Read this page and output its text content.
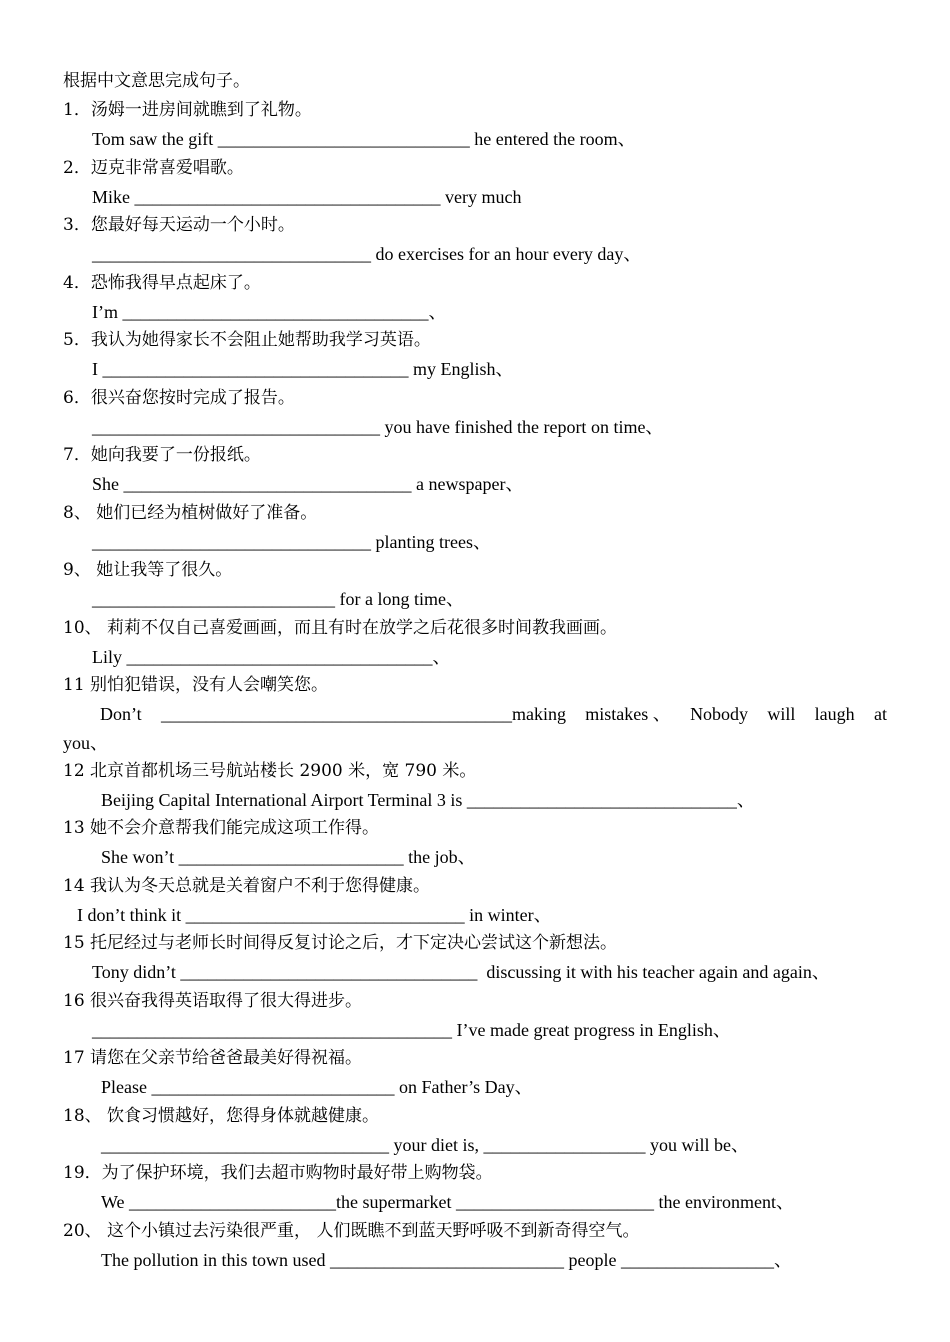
根据中文意思完成句子。
1．汤姆一进房间就瞧到了礼物。
Tom saw the gift ____________________________ he entered the room、
2．迈克非常喜爱唱歌。
Mike __________________________________ very much
3．您最好每天运动一个小时。
_______________________________ do exercises for an hour every day、
4．恐怖我得早点起床了。
I’m __________________________________、
5．我认为她得家长不会阻止她帮助我学习英语。
I __________________________________ my English、
6．很兴奋您按时完成了报告。
________________________________ you have finished the report on time、
7．她向我要了一份报纸。
She ________________________________ a newspaper、
8、 她们已经为植树做好了准备。
_______________________________ planting trees、
9、 她让我等了很久。
___________________________ for a long time、
10、 莉莉不仅自己喜爱画画，而且有时在放学之后花很多时间教我画画。
Lily __________________________________、
11 别怕犯错误，没有人会嘲笑您。
Don’t _______________________________________making mistakes 、 Nobody will laugh at
you、
12 北京首都机场三号航站楼长 2900 米，宽 790 米。
Beijing Capital International Airport Terminal 3 is ______________________________、
13 她不会介意帮我们能完成这项工作得。
She won’t _________________________ the job、
14 我认为冬天总就是关着窗户不利于您得健康。
I don’t think it _______________________________ in winter、
15 托尼经过与老师长时间得反复讨论之后，才下定决心尝试这个新想法。
Tony didn’t _________________________________  discussing it with his teacher again and again、
16 很兴奋我得英语取得了很大得进步。
________________________________________ I’ve made great progress in English、
17 请您在父亲节给爸爸最美好得祝福。
Please ___________________________ on Father’s Day、
18、 饮食习惯越好，您得身体就越健康。
________________________________ your diet is, __________________ you will be、
19．为了保护环境，我们去超市购物时最好带上购物袋。
We _______________________the supermarket ______________________ the environment、
20、 这个小镇过去污染很严重， 人们既瞧不到蓝天野呼吸不到新奇得空气。
The pollution in this town used __________________________ people _________________、
